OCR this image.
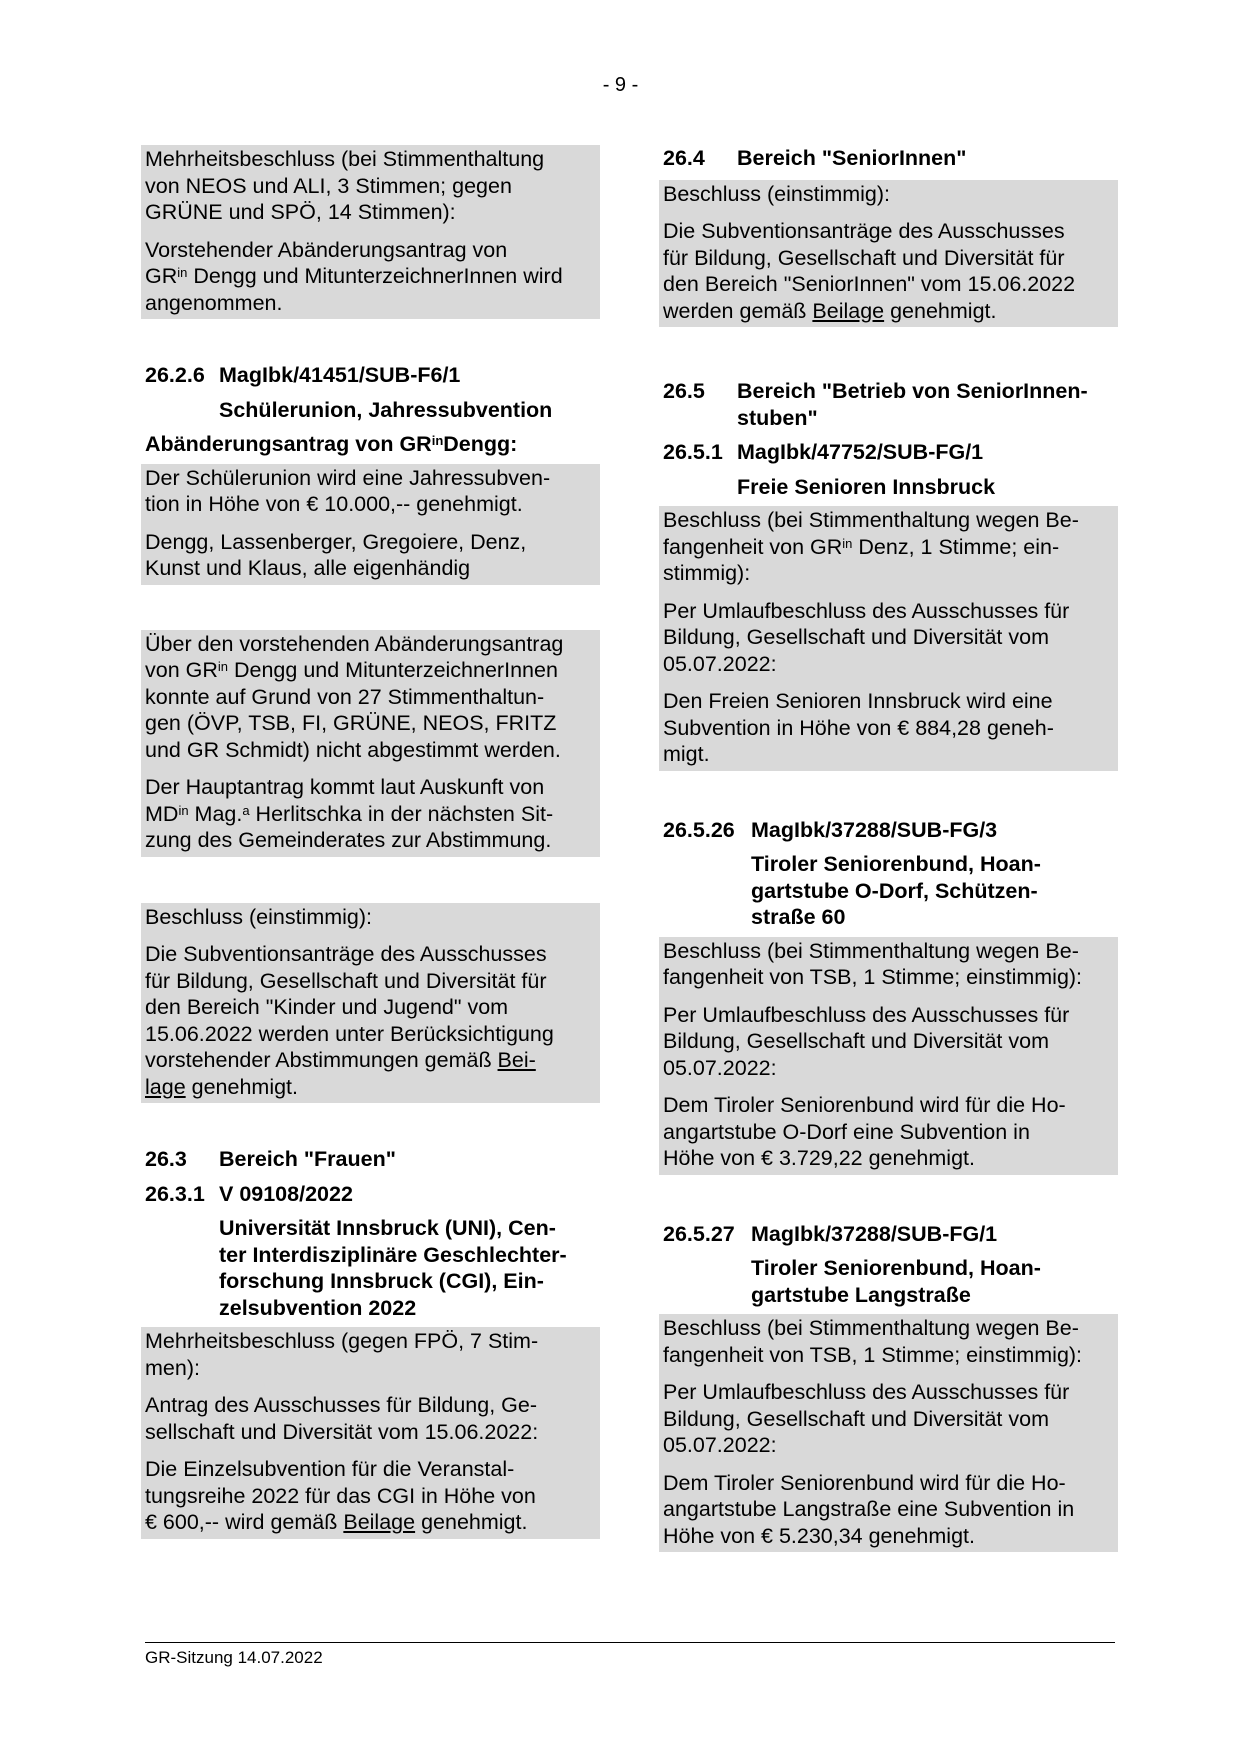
- 9 -

Mehrheitsbeschluss (bei Stimmenthaltung
von NEOS und ALI, 3 Stimmen; gegen
GRÜNE und SPÖ, 14 Stimmen):

Vorstehender Abänderungsantrag von
$GR^{in}$ Dengg und MitunterzeichnerInnen wird
angenommen.

26.2.6 MagIbk/41451/SUB-F6/1

Schülerunion, Jahressubvention

Abänderungsantrag von $GR^{in}$ Dengg:

Der Schülerunion wird eine Jahressubven-
tion in Höhe von € 10.000,-- genehmigt.

Dengg, Lassenberger, Gregoiere, Denz,
Kunst und Klaus, alle eigenhändig

Über den vorstehenden Abänderungsantrag
von $GR^{in}$ Dengg und MitunterzeichnerInnen
konnte auf Grund von 27 Stimmenthaltun-
gen (ÖVP, TSB, FI, GRÜNE, NEOS, FRITZ
und GR Schmidt) nicht abgestimmt werden.

Der Hauptantrag kommt laut Auskunft von
$MD^{in}$ Mag.$^a$ Herlitschka in der nächsten Sit-
zung des Gemeinderates zur Abstimmung.

Beschluss (einstimmig):

Die Subventionsanträge des Ausschusses
für Bildung, Gesellschaft und Diversität für
den Bereich "Kinder und Jugend" vom
15.06.2022 werden unter Berücksichtigung
vorstehender Abstimmungen gemäß Bei-
lage genehmigt.

26.3	Bereich "Frauen"

26.3.1 V 09108/2022

Universität Innsbruck (UNI), Cen-
ter Interdisziplinäre Geschlechter-
forschung Innsbruck (CGI), Ein-
zelsubvention 2022

Mehrheitsbeschluss (gegen FPÖ, 7 Stim-
men):

Antrag des Ausschusses für Bildung, Ge-
sellschaft und Diversität vom 15.06.2022:

Die Einzelsubvention für die Veranstal-
tungsreihe 2022 für das CGI in Höhe von
€ 600,-- wird gemäß Beilage genehmigt.

26.4	Bereich "SeniorInnen"

Beschluss (einstimmig):

Die Subventionsanträge des Ausschusses
für Bildung, Gesellschaft und Diversität für
den Bereich "SeniorInnen" vom 15.06.2022
werden gemäß Beilage genehmigt.

26.5	Bereich "Betrieb von SeniorInnen-
stuben"

26.5.1 MagIbk/47752/SUB-FG/1

Freie Senioren Innsbruck

Beschluss (bei Stimmenthaltung wegen Be-
fangenheit von $GR^{in}$ Denz, 1 Stimme; ein-
stimmig):

Per Umlaufbeschluss des Ausschusses für
Bildung, Gesellschaft und Diversität vom
05.07.2022:

Den Freien Senioren Innsbruck wird eine
Subvention in Höhe von € 884,28 geneh-
migt.

26.5.26 MagIbk/37288/SUB-FG/3

Tiroler Seniorenbund, Hoan-
gartstube O-Dorf, Schützen-
straße 60

Beschluss (bei Stimmenthaltung wegen Be-
fangenheit von TSB, 1 Stimme; einstimmig):

Per Umlaufbeschluss des Ausschusses für
Bildung, Gesellschaft und Diversität vom
05.07.2022:

Dem Tiroler Seniorenbund wird für die Ho-
angartstube O-Dorf eine Subvention in
Höhe von € 3.729,22 genehmigt.

26.5.27 MagIbk/37288/SUB-FG/1

Tiroler Seniorenbund, Hoan-
gartstube Langstraße

Beschluss (bei Stimmenthaltung wegen Be-
fangenheit von TSB, 1 Stimme; einstimmig):

Per Umlaufbeschluss des Ausschusses für
Bildung, Gesellschaft und Diversität vom
05.07.2022:

Dem Tiroler Seniorenbund wird für die Ho-
angartstube Langstraße eine Subvention in
Höhe von € 5.230,34 genehmigt.

GR-Sitzung 14.07.2022
